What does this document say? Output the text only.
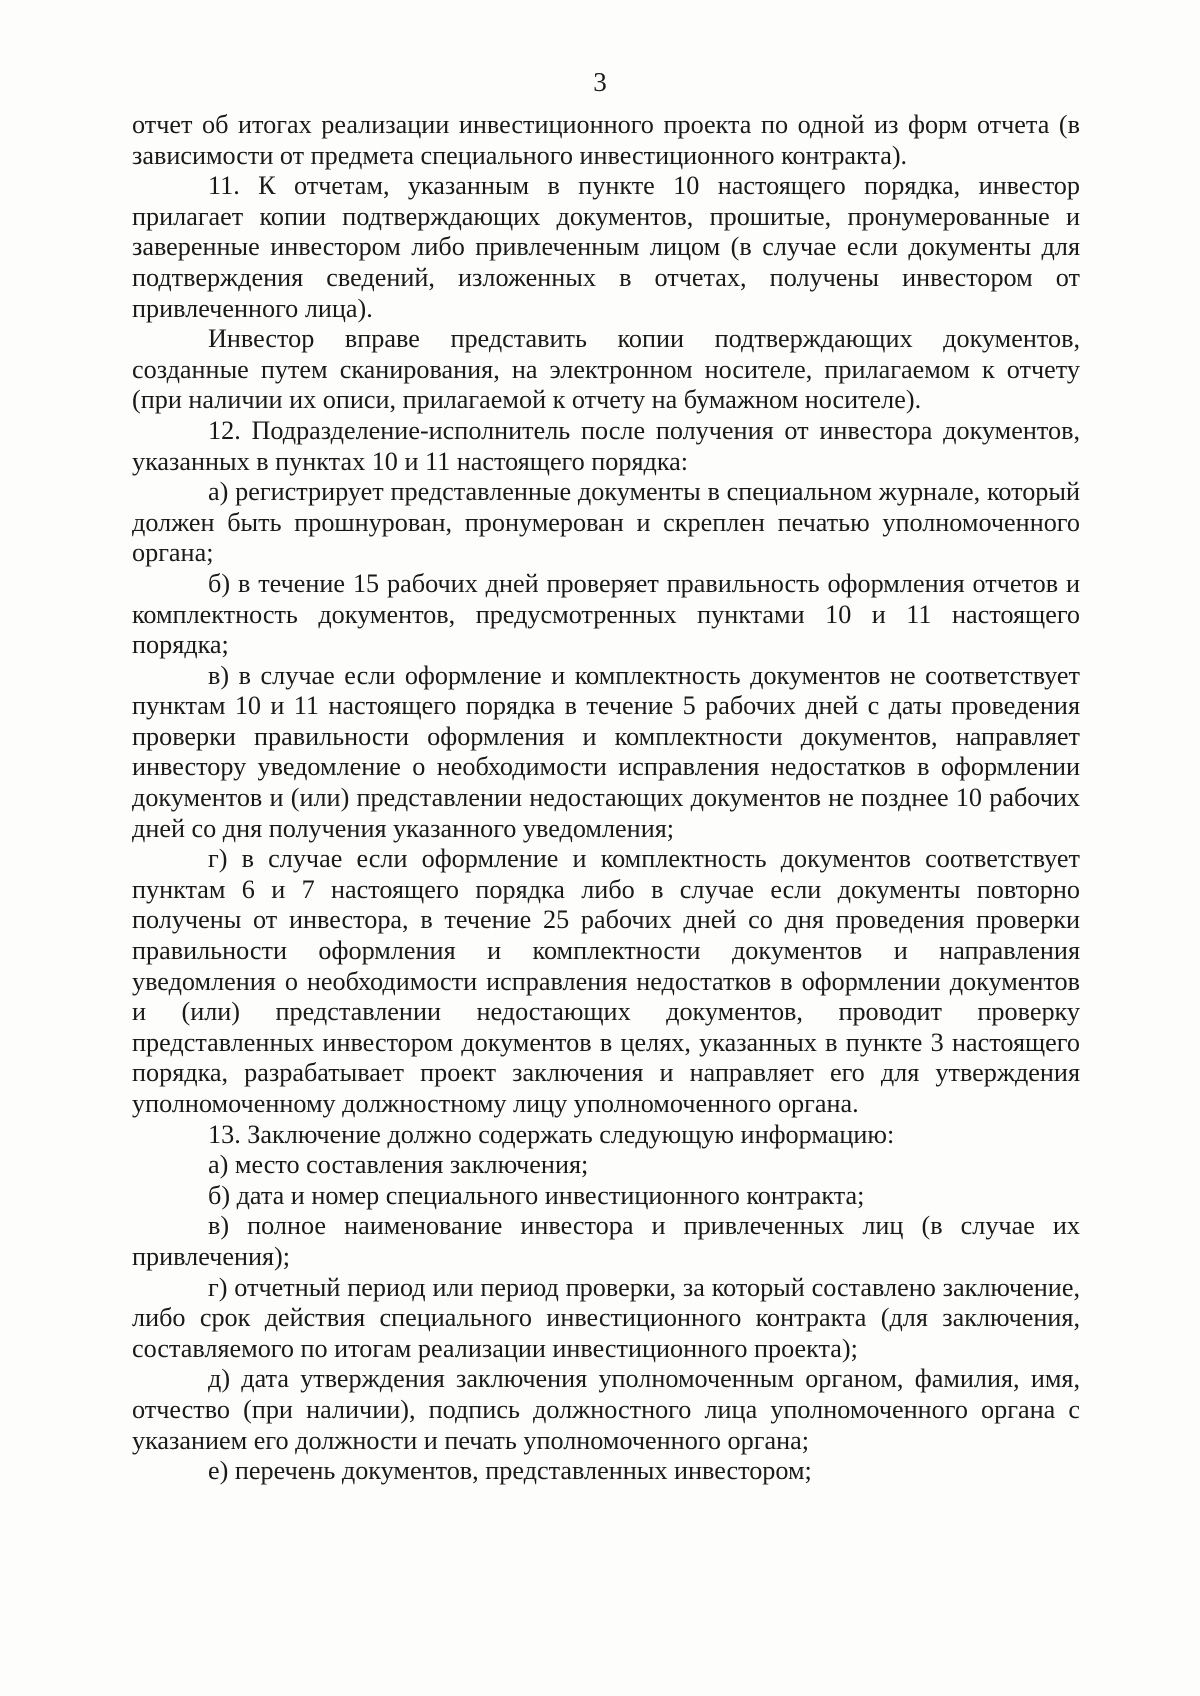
3

отчет об итогах реализации инвестиционного проекта по одной из форм отчета (в зависимости от предмета специального инвестиционного контракта).

11. К отчетам, указанным в пункте 10 настоящего порядка, инвестор прилагает копии подтверждающих документов, прошитые, пронумерованные и заверенные инвестором либо привлеченным лицом (в случае если документы для подтверждения сведений, изложенных в отчетах, получены инвестором от привлеченного лица).

Инвестор вправе представить копии подтверждающих документов, созданные путем сканирования, на электронном носителе, прилагаемом к отчету (при наличии их описи, прилагаемой к отчету на бумажном носителе).

12. Подразделение-исполнитель после получения от инвестора документов, указанных в пунктах 10 и 11 настоящего порядка:

а) регистрирует представленные документы в специальном журнале, который должен быть прошнурован, пронумерован и скреплен печатью уполномоченного органа;

б) в течение 15 рабочих дней проверяет правильность оформления отчетов и комплектность документов, предусмотренных пунктами 10 и 11 настоящего порядка;

в) в случае если оформление и комплектность документов не соответствует пунктам 10 и 11 настоящего порядка в течение 5 рабочих дней с даты проведения проверки правильности оформления и комплектности документов, направляет инвестору уведомление о необходимости исправления недостатков в оформлении документов и (или) представлении недостающих документов не позднее 10 рабочих дней со дня получения указанного уведомления;

г) в случае если оформление и комплектность документов соответствует пунктам 6 и 7 настоящего порядка либо в случае если документы повторно получены от инвестора, в течение 25 рабочих дней со дня проведения проверки правильности оформления и комплектности документов и направления уведомления о необходимости исправления недостатков в оформлении документов и (или) представлении недостающих документов, проводит проверку представленных инвестором документов в целях, указанных в пункте 3 настоящего порядка, разрабатывает проект заключения и направляет его для утверждения уполномоченному должностному лицу уполномоченного органа.

13. Заключение должно содержать следующую информацию:

а) место составления заключения;

б) дата и номер специального инвестиционного контракта;

в) полное наименование инвестора и привлеченных лиц (в случае их привлечения);

г) отчетный период или период проверки, за который составлено заключение, либо срок действия специального инвестиционного контракта (для заключения, составляемого по итогам реализации инвестиционного проекта);

д) дата утверждения заключения уполномоченным органом, фамилия, имя, отчество (при наличии), подпись должностного лица уполномоченного органа с указанием его должности и печать уполномоченного органа;

е) перечень документов, представленных инвестором;
